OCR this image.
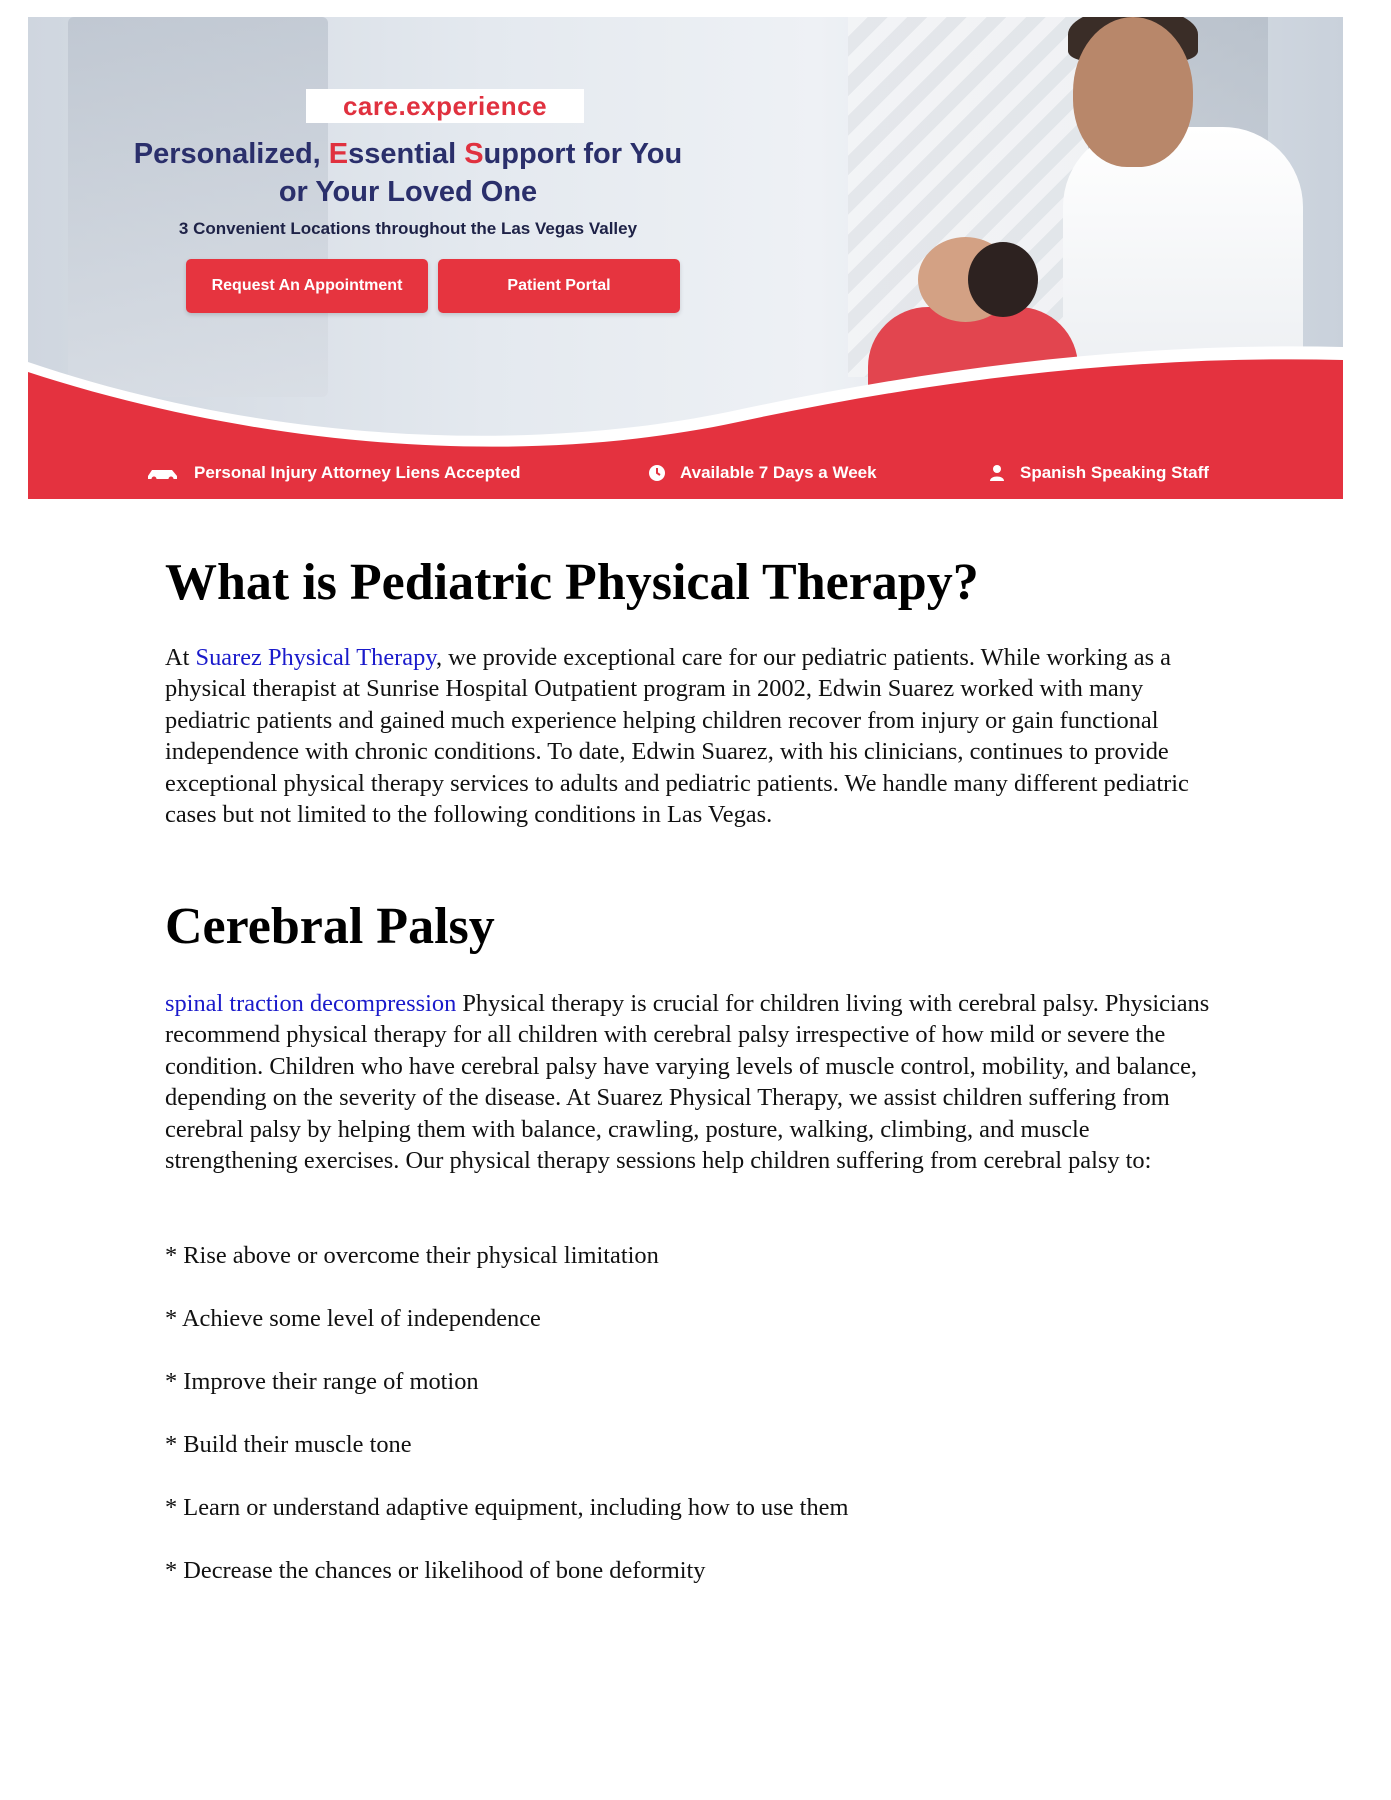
care.experience
Personalized, Essential Support for You
or Your Loved One
3 Convenient Locations throughout the Las Vegas Valley
Request An Appointment	Patient Portal
Personal Injury Attorney Liens Accepted	Available 7 Days a Week	Spanish Speaking Staff
What is Pediatric Physical Therapy?

At Suarez Physical Therapy, we provide exceptional care for our pediatric patients. While working as a physical therapist at Sunrise Hospital Outpatient program in 2002, Edwin Suarez worked with many pediatric patients and gained much experience helping children recover from injury or gain functional independence with chronic conditions. To date, Edwin Suarez, with his clinicians, continues to provide exceptional physical therapy services to adults and pediatric patients. We handle many different pediatric cases but not limited to the following conditions in Las Vegas.

Cerebral Palsy

spinal traction decompression Physical therapy is crucial for children living with cerebral palsy. Physicians recommend physical therapy for all children with cerebral palsy irrespective of how mild or severe the condition. Children who have cerebral palsy have varying levels of muscle control, mobility, and balance, depending on the severity of the disease. At Suarez Physical Therapy, we assist children suffering from cerebral palsy by helping them with balance, crawling, posture, walking, climbing, and muscle strengthening exercises. Our physical therapy sessions help children suffering from cerebral palsy to:

* Rise above or overcome their physical limitation
* Achieve some level of independence
* Improve their range of motion
* Build their muscle tone
* Learn or understand adaptive equipment, including how to use them
* Decrease the chances or likelihood of bone deformity
